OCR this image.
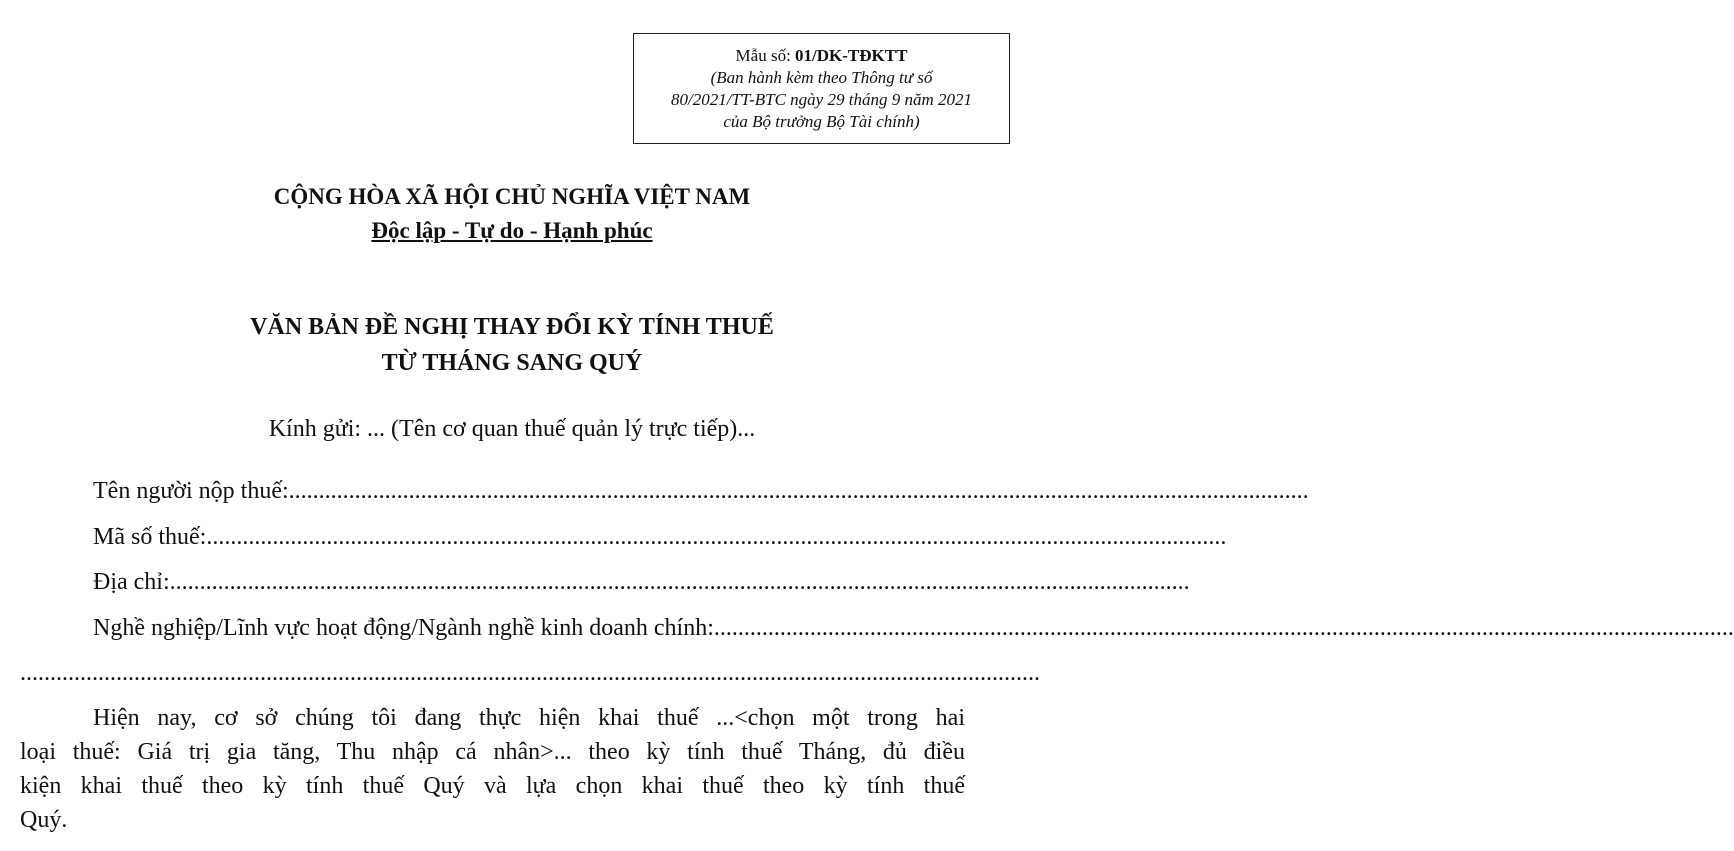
Mẫu số: 01/DK-TĐKTT
(Ban hành kèm theo Thông tư số
80/2021/TT-BTC ngày 29 tháng 9 năm 2021
của Bộ trưởng Bộ Tài chính)
CỘNG HÒA XÃ HỘI CHỦ NGHĨA VIỆT NAM
Độc lập - Tự do - Hạnh phúc
VĂN BẢN ĐỀ NGHỊ THAY ĐỔI KỲ TÍNH THUẾ
TỪ THÁNG SANG QUÝ
Kính gửi: ... (Tên cơ quan thuế quản lý trực tiếp)...
Tên người nộp thuế: ..........................................................................................................................................................................
Mã số thuế: ..........................................................................................................................................................................
Địa chỉ: ..........................................................................................................................................................................
Nghề nghiệp/Lĩnh vực hoạt động/Ngành nghề kinh doanh chính: ..........................................................................................................................................................................
..........................................................................................................................................................................
Hiện nay, cơ sở chúng tôi đang thực hiện khai thuế ...<chọn một trong hai
loại thuế: Giá trị gia tăng, Thu nhập cá nhân>... theo kỳ tính thuế Tháng, đủ điều
kiện khai thuế theo kỳ tính thuế Quý và lựa chọn khai thuế theo kỳ tính thuế
Quý.
